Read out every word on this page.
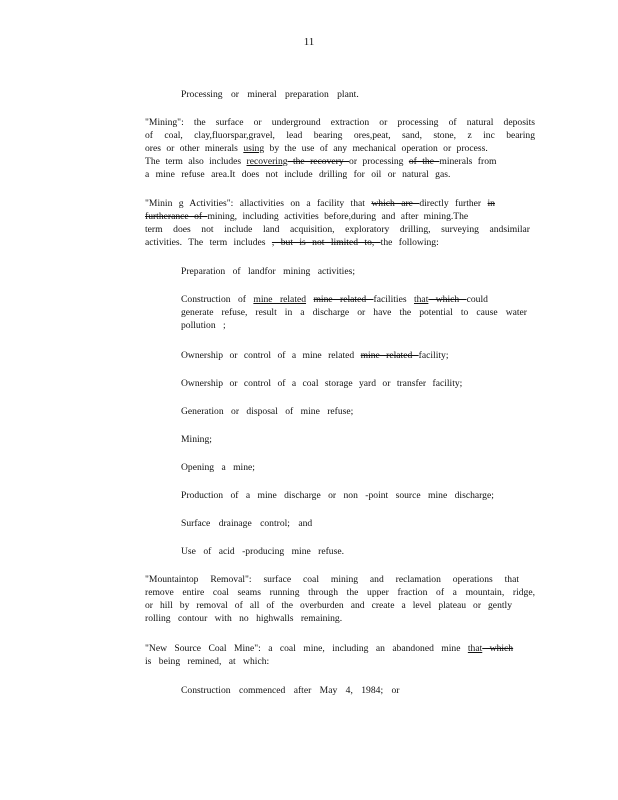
11
Processing or mineral preparation plant.
"Mining": the surface or underground extraction or processing of natural deposits
of coal, clay,fluorspar,gravel, lead bearing ores,peat, sand, stone, z inc bearing
ores or other minerals using by the use of any mechanical operation or process.
The term also includes recovering the recovery or processing of the minerals from
a mine refuse area.It does not include drilling for oil or natural gas.
"Minin g Activities": allactivities on a facility that which are directly further in
furtherance of mining, including activities before,during and after mining.The
term does not include land acquisition, exploratory drilling, surveying andsimilar
activities. The term includes , but is not limited to, the following:
Preparation of landfor mining activities;
Construction of mine related mine related facilities that which could
generate refuse, result in a discharge or have the potential to cause water
pollution ;
Ownership or control of a mine related mine related facility;
Ownership or control of a coal storage yard or transfer facility;
Generation or disposal of mine refuse;
Mining;
Opening a mine;
Production of a mine discharge or non -point source mine discharge;
Surface drainage control; and
Use of acid -producing mine refuse.
"Mountaintop Removal": surface coal mining and reclamation operations that
remove entire coal seams running through the upper fraction of a mountain, ridge,
or hill by removal of all of the overburden and create a level plateau or gently
rolling contour with no highwalls remaining.
"New Source Coal Mine": a coal mine, including an abandoned mine that which
is being remined, at which:
Construction commenced after May 4, 1984; or
